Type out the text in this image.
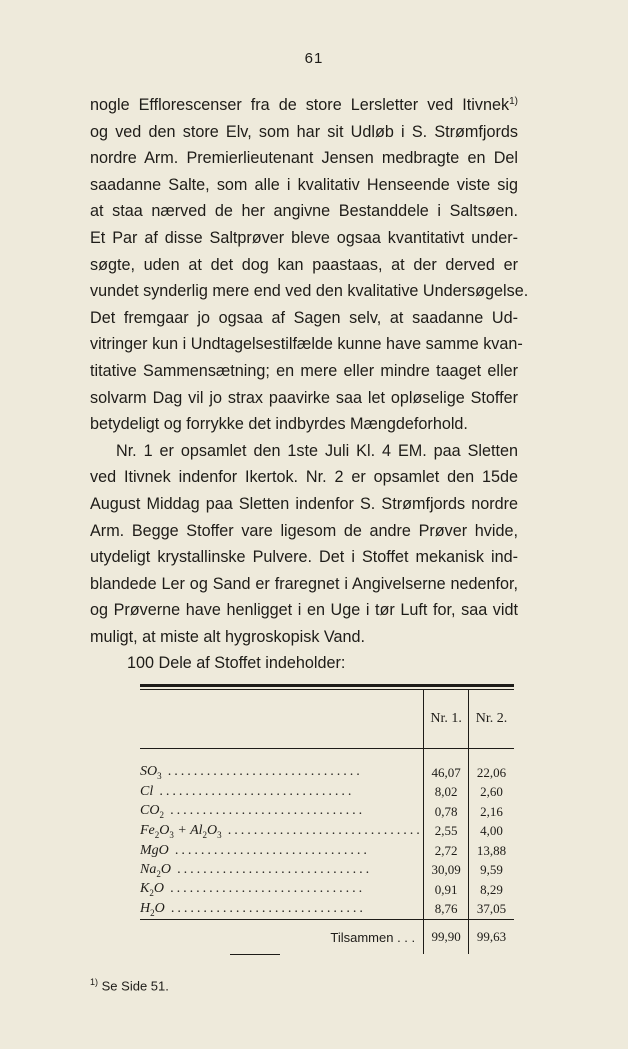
61
nogle Efflorescenser fra de store Lersletter ved Itivnek$^{1)}$
og ved den store Elv, som har sit Udløb i S. Strømfjords
nordre Arm. Premierlieutenant Jensen medbragte en Del
saadanne Salte, som alle i kvalitativ Henseende viste sig
at staa nærved de her angivne Bestanddele i Saltsøen.
Et Par af disse Saltprøver bleve ogsaa kvantitativt under-
søgte, uden at det dog kan paastaas, at der derved er
vundet synderlig mere end ved den kvalitative Undersøgelse.
Det fremgaar jo ogsaa af Sagen selv, at saadanne Ud-
vitringer kun i Undtagelsestilfælde kunne have samme kvan-
titative Sammensætning; en mere eller mindre taaget eller
solvarm Dag vil jo strax paavirke saa let opløselige Stoffer
betydeligt og forrykke det indbyrdes Mængdeforhold.
Nr. 1 er opsamlet den 1ste Juli Kl. 4 EM. paa Sletten
ved Itivnek indenfor Ikertok. Nr. 2 er opsamlet den 15de
August Middag paa Sletten indenfor S. Strømfjords nordre
Arm. Begge Stoffer vare ligesom de andre Prøver hvide,
utydeligt krystallinske Pulvere. Det i Stoffet mekanisk ind-
blandede Ler og Sand er fraregnet i Angivelserne nedenfor,
og Prøverne have henligget i en Uge i tør Luft for, saa vidt
muligt, at miste alt hygroskopisk Vand.
100 Dele af Stoffet indeholder:
	Nr. 1.	Nr. 2.
$SO_3$ ..............................	46,07	22,06
Cl ..............................	8,02	2,60
$CO_2$ ..............................	0,78	2,16
$Fe_2O_3 + Al_2O_3$ ..............................	2,55	4,00
MgO ..............................	2,72	13,88
$Na_2O$ ..............................	30,09	9,59
$K_2O$ ..............................	0,91	8,29
$H_2O$ ..............................	8,76	37,05
Tilsammen . . .	99,90	99,63
$^{1)}$ Se Side 51.
